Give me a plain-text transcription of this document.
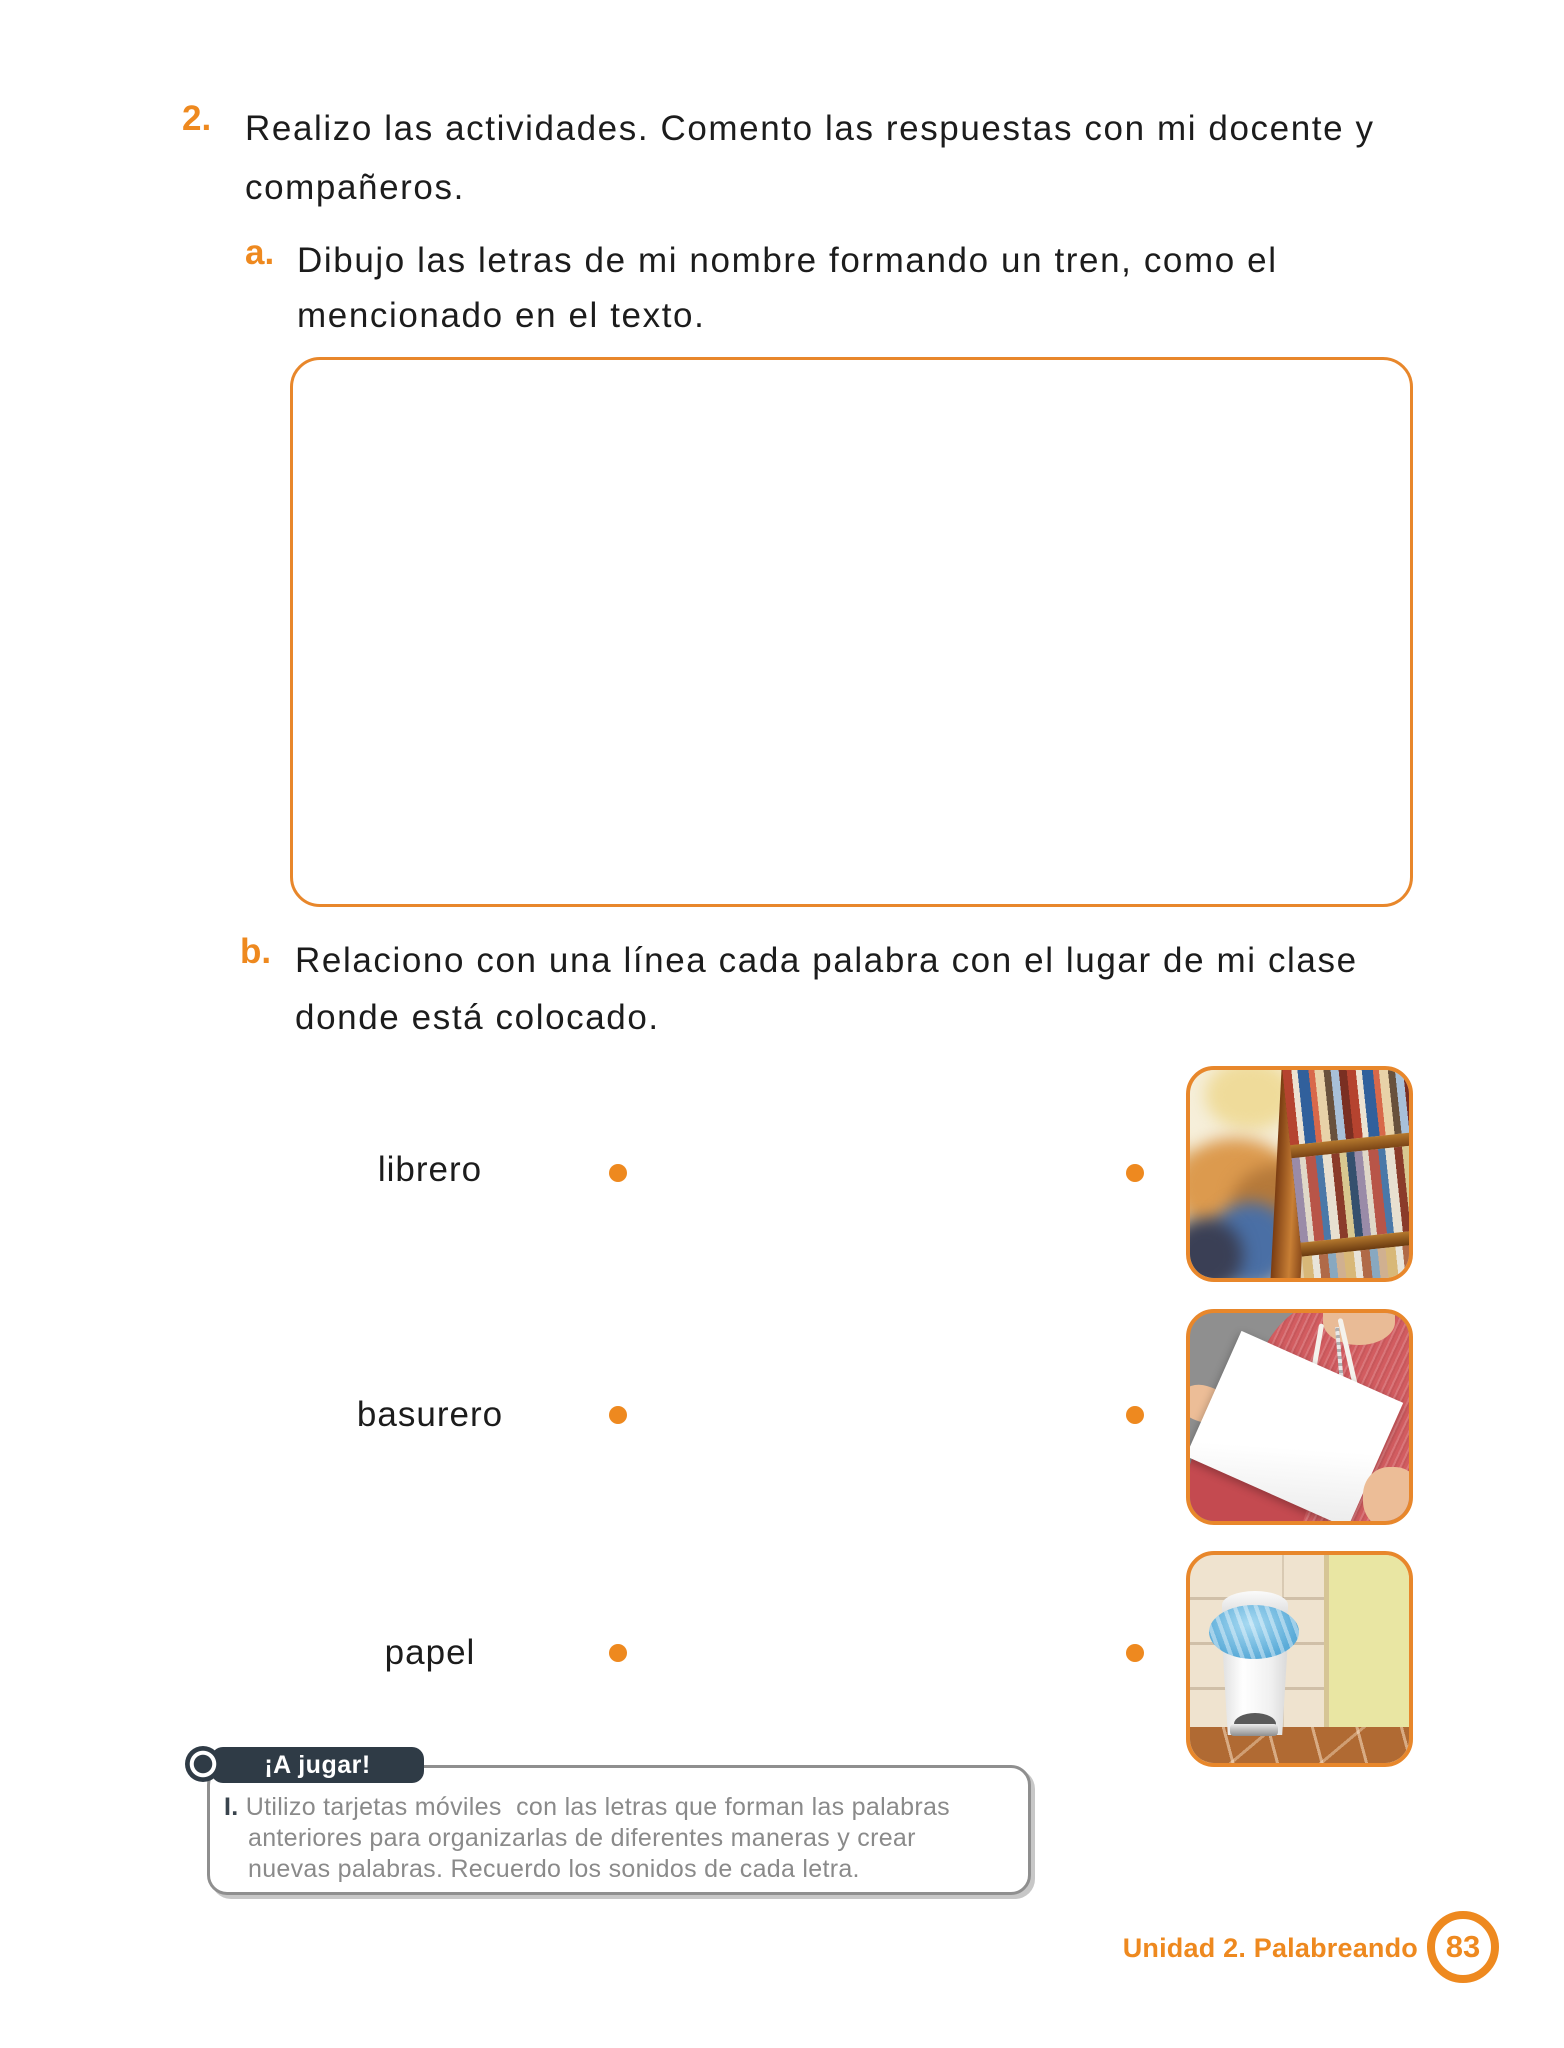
2. Realizo las actividades. Comento las respuestas con mi docente y
compañeros.
a. Dibujo las letras de mi nombre formando un tren, como el
mencionado en el texto.
b. Relaciono con una línea cada palabra con el lugar de mi clase
donde está colocado.
librero
basurero
papel
I. Utilizo tarjetas móviles  con las letras que forman las palabras
anteriores para organizarlas de diferentes maneras y crear
nuevas palabras. Recuerdo los sonidos de cada letra.
¡A jugar!
Unidad 2. Palabreando 83
